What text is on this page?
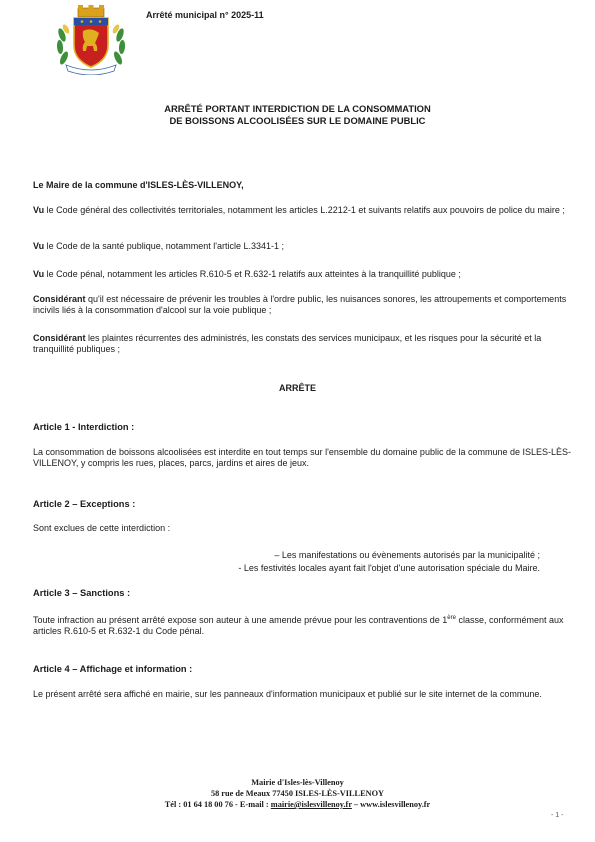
Arrêté municipal n° 2025-11
ARRÊTÉ PORTANT INTERDICTION DE LA CONSOMMATION
DE BOISSONS ALCOOLISÉES SUR LE DOMAINE PUBLIC
Le Maire de la commune d'ISLES-LÈS-VILLENOY,
Vu le Code général des collectivités territoriales, notamment les articles L.2212-1 et suivants relatifs aux pouvoirs de police du maire ;
Vu le Code de la santé publique, notamment l'article L.3341-1 ;
Vu le Code pénal, notamment les articles R.610-5 et R.632-1 relatifs aux atteintes à la tranquillité publique ;
Considérant qu'il est nécessaire de prévenir les troubles à l'ordre public, les nuisances sonores, les attroupements et comportements incivils liés à la consommation d'alcool sur la voie publique ;
Considérant les plaintes récurrentes des administrés, les constats des services municipaux, et les risques pour la sécurité et la tranquillité publiques ;
ARRÊTE
Article 1 - Interdiction :
La consommation de boissons alcoolisées est interdite en tout temps sur l'ensemble du domaine public de la commune de ISLES-LÈS-VILLENOY, y compris les rues, places, parcs, jardins et aires de jeux.
Article 2 – Exceptions :
Sont exclues de cette interdiction :
– Les manifestations ou évènements autorisés par la municipalité ;
- Les festivités locales ayant fait l'objet d'une autorisation spéciale du Maire.
Article 3 – Sanctions :
Toute infraction au présent arrêté expose son auteur à une amende prévue pour les contraventions de 1ère classe, conformément aux articles R.610-5 et R.632-1 du Code pénal.
Article 4 – Affichage et information :
Le présent arrêté sera affiché en mairie, sur les panneaux d'information municipaux et publié sur le site internet de la commune.
Mairie d'Isles-lès-Villenoy
58 rue de Meaux 77450 ISLES-LÈS-VILLENOY
Tél : 01 64 18 00 76 - E-mail : mairie@islesvillenoy.fr – www.islesvillenoy.fr
- 1 -
